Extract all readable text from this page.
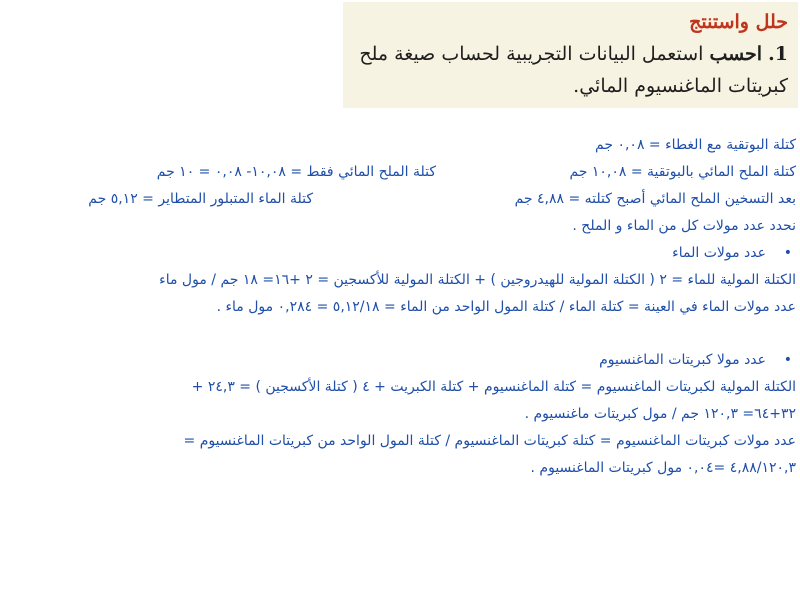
حلل واستنتج
1. احسب استعمل البيانات التجريبية لحساب صيغة ملح
كبريتات الماغنسيوم المائي.
كتلة البوتقية مع الغطاء = ٠,٠٨ جم
كتلة الملح المائي بالبوتقية = ١٠,٠٨ جم
كتلة الملح المائي فقط = ١٠,٠٨- ٠,٠٨ = ١٠ جم
بعد التسخين الملح المائي أصبح كتلته = ٤,٨٨ جم
كتلة الماء المتبلور المتطاير = ٥,١٢ جم
نحدد عدد مولات كل من الماء و الملح .
•عدد مولات الماء
الكتلة المولية للماء = ٢ ( الكتلة المولية للهيدروجين ) + الكتلة المولية للأكسجين = ٢ +١٦= ١٨ جم / مول ماء
عدد مولات الماء في العينة = كتلة الماء / كتلة المول الواحد من الماء = ٥,١٢/١٨ = ٠,٢٨٤ مول ماء .
•عدد مولا كبريتات الماغنسيوم
الكتلة المولية لكبريتات الماغنسيوم = كتلة الماغنسيوم + كتلة الكبريت + ٤ ( كتلة الأكسجين ) = ٢٤,٣ +
٣٢+٦٤= ١٢٠,٣ جم / مول كبريتات ماغنسيوم .
عدد مولات كبريتات الماغنسيوم = كتلة كبريتات الماغنسيوم / كتلة المول الواحد من كبريتات الماغنسيوم =
٤,٨٨/١٢٠,٣ =٠,٠٤ مول كبريتات الماغنسيوم .
